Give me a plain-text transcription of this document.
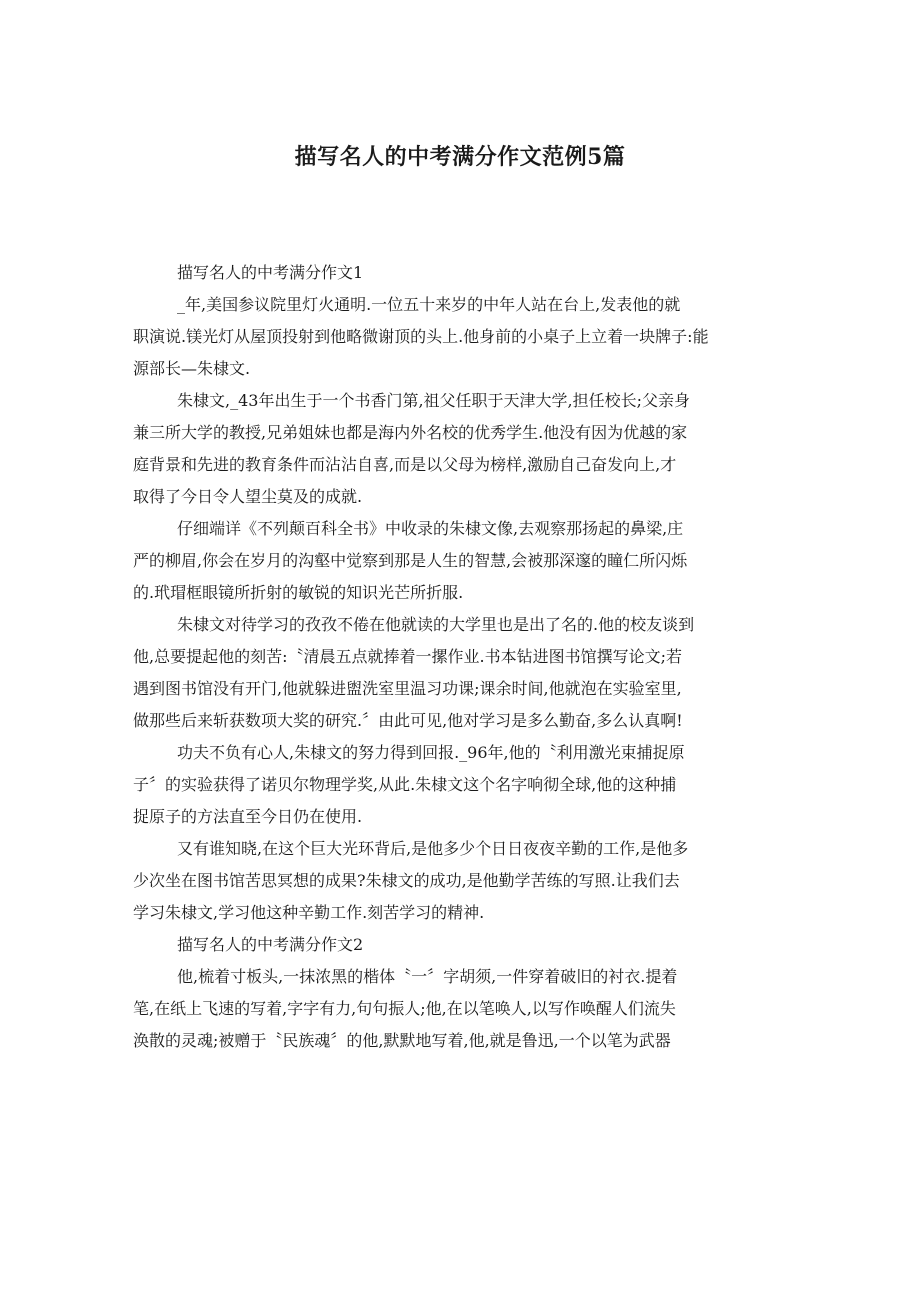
描写名人的中考满分作文范例5篇

描写名人的中考满分作文1

_年,美国参议院里灯火通明.一位五十来岁的中年人站在台上,发表他的就

职演说.镁光灯从屋顶投射到他略微谢顶的头上.他身前的小桌子上立着一块牌子:能

源部长—朱棣文.

朱棣文,_43年出生于一个书香门第,祖父任职于天津大学,担任校长;父亲身

兼三所大学的教授,兄弟姐妹也都是海内外名校的优秀学生.他没有因为优越的家

庭背景和先进的教育条件而沾沾自喜,而是以父母为榜样,激励自己奋发向上,才

取得了今日令人望尘莫及的成就.

仔细端详《不列颠百科全书》中收录的朱棣文像,去观察那扬起的鼻梁,庄

严的柳眉,你会在岁月的沟壑中觉察到那是人生的智慧,会被那深邃的瞳仁所闪烁

的.玳瑁框眼镜所折射的敏锐的知识光芒所折服.

朱棣文对待学习的孜孜不倦在他就读的大学里也是出了名的.他的校友谈到

他,总要提起他的刻苦:〝清晨五点就捧着一摞作业.书本钻进图书馆撰写论文;若

遇到图书馆没有开门,他就躲进盥洗室里温习功课;课余时间,他就泡在实验室里,

做那些后来斩获数项大奖的研究.〞由此可见,他对学习是多么勤奋,多么认真啊!

功夫不负有心人,朱棣文的努力得到回报._96年,他的〝利用激光束捕捉原

子〞的实验获得了诺贝尔物理学奖,从此.朱棣文这个名字响彻全球,他的这种捕

捉原子的方法直至今日仍在使用.

又有谁知晓,在这个巨大光环背后,是他多少个日日夜夜辛勤的工作,是他多

少次坐在图书馆苦思冥想的成果?朱棣文的成功,是他勤学苦练的写照.让我们去

学习朱棣文,学习他这种辛勤工作.刻苦学习的精神.

描写名人的中考满分作文2

他,梳着寸板头,一抹浓黑的楷体〝一〞字胡须,一件穿着破旧的衬衣.提着

笔,在纸上飞速的写着,字字有力,句句振人;他,在以笔唤人,以写作唤醒人们流失

涣散的灵魂;被赠于〝民族魂〞的他,默默地写着,他,就是鲁迅,一个以笔为武器
